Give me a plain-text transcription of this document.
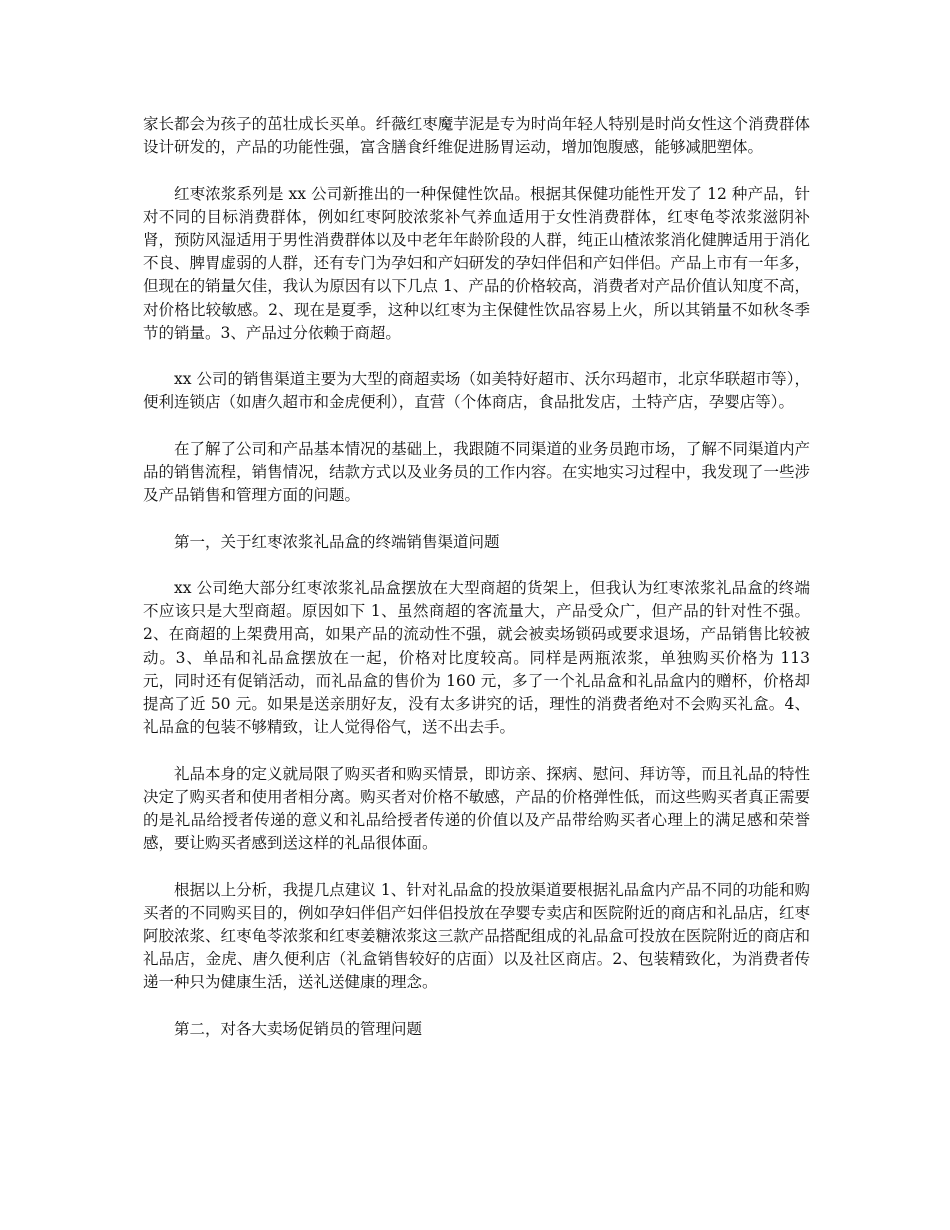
家长都会为孩子的茁壮成长买单。纤薇红枣魔芋泥是专为时尚年轻人特别是时尚女性这个消费群体设计研发的，产品的功能性强，富含膳食纤维促进肠胃运动，增加饱腹感，能够减肥塑体。

红枣浓浆系列是 xx 公司新推出的一种保健性饮品。根据其保健功能性开发了 12 种产品，针对不同的目标消费群体，例如红枣阿胶浓浆补气养血适用于女性消费群体，红枣龟苓浓浆滋阴补肾，预防风湿适用于男性消费群体以及中老年年龄阶段的人群，纯正山楂浓浆消化健脾适用于消化不良、脾胃虚弱的人群，还有专门为孕妇和产妇研发的孕妇伴侣和产妇伴侣。产品上市有一年多，但现在的销量欠佳，我认为原因有以下几点 1、产品的价格较高，消费者对产品价值认知度不高，对价格比较敏感。2、现在是夏季，这种以红枣为主保健性饮品容易上火，所以其销量不如秋冬季节的销量。3、产品过分依赖于商超。

xx 公司的销售渠道主要为大型的商超卖场（如美特好超市、沃尔玛超市，北京华联超市等），便利连锁店（如唐久超市和金虎便利），直营（个体商店，食品批发店，土特产店，孕婴店等）。

在了解了公司和产品基本情况的基础上，我跟随不同渠道的业务员跑市场，了解不同渠道内产品的销售流程，销售情况，结款方式以及业务员的工作内容。在实地实习过程中，我发现了一些涉及产品销售和管理方面的问题。

第一，关于红枣浓浆礼品盒的终端销售渠道问题

xx 公司绝大部分红枣浓浆礼品盒摆放在大型商超的货架上，但我认为红枣浓浆礼品盒的终端不应该只是大型商超。原因如下 1、虽然商超的客流量大，产品受众广，但产品的针对性不强。2、在商超的上架费用高，如果产品的流动性不强，就会被卖场锁码或要求退场，产品销售比较被动。3、单品和礼品盒摆放在一起，价格对比度较高。同样是两瓶浓浆，单独购买价格为 113 元，同时还有促销活动，而礼品盒的售价为 160 元，多了一个礼品盒和礼品盒内的赠杯，价格却提高了近 50 元。如果是送亲朋好友，没有太多讲究的话，理性的消费者绝对不会购买礼盒。4、礼品盒的包装不够精致，让人觉得俗气，送不出去手。

礼品本身的定义就局限了购买者和购买情景，即访亲、探病、慰问、拜访等，而且礼品的特性决定了购买者和使用者相分离。购买者对价格不敏感，产品的价格弹性低，而这些购买者真正需要的是礼品给授者传递的意义和礼品给授者传递的价值以及产品带给购买者心理上的满足感和荣誉感，要让购买者感到送这样的礼品很体面。

根据以上分析，我提几点建议 1、针对礼品盒的投放渠道要根据礼品盒内产品不同的功能和购买者的不同购买目的，例如孕妇伴侣产妇伴侣投放在孕婴专卖店和医院附近的商店和礼品店，红枣阿胶浓浆、红枣龟苓浓浆和红枣姜糖浓浆这三款产品搭配组成的礼品盒可投放在医院附近的商店和礼品店，金虎、唐久便利店（礼盒销售较好的店面）以及社区商店。2、包装精致化，为消费者传递一种只为健康生活，送礼送健康的理念。

第二，对各大卖场促销员的管理问题
